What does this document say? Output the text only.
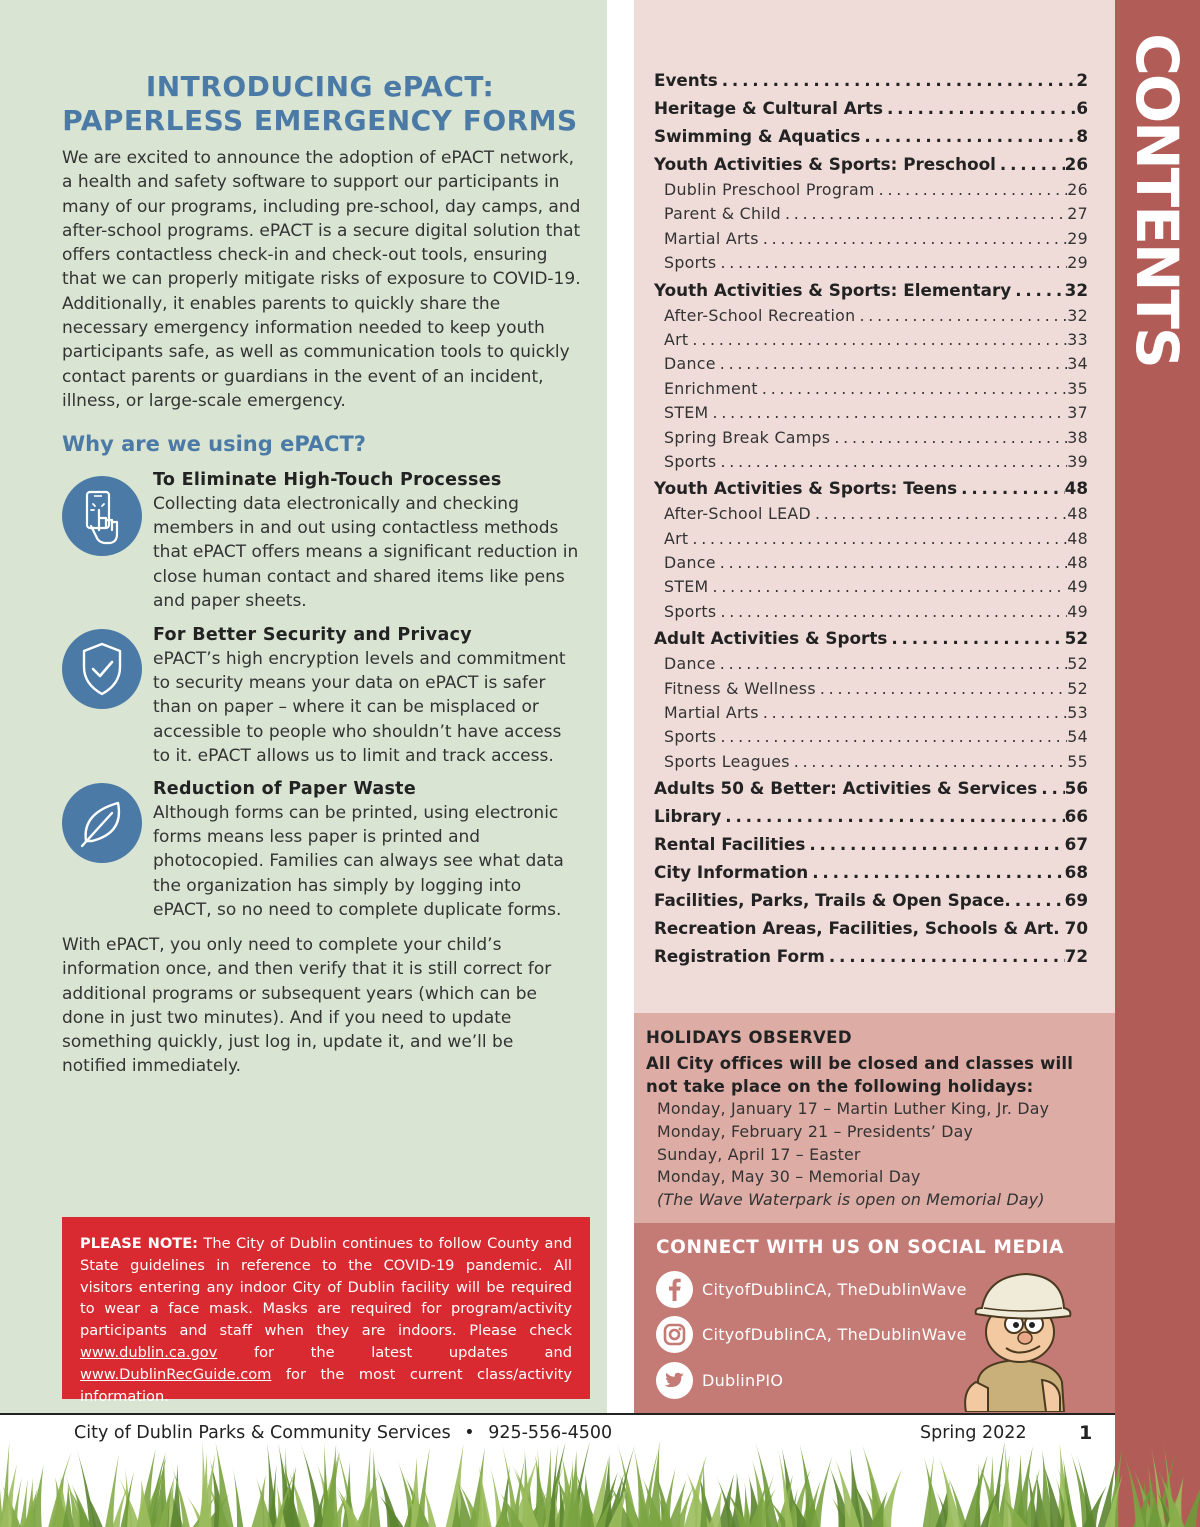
INTRODUCING ePACT:
PAPERLESS EMERGENCY FORMS

We are excited to announce the adoption of ePACT network, a health and safety software to support our participants in many of our programs, including pre-school, day camps, and after-school programs. ePACT is a secure digital solution that offers contactless check-in and check-out tools, ensuring that we can properly mitigate risks of exposure to COVID-19. Additionally, it enables parents to quickly share the necessary emergency information needed to keep youth participants safe, as well as communication tools to quickly contact parents or guardians in the event of an incident, illness, or large-scale emergency.

Why are we using ePACT?
To Eliminate High-Touch Processes

Collecting data electronically and checking members in and out using contactless methods that ePACT offers means a significant reduction in close human contact and shared items like pens and paper sheets.

For Better Security and Privacy

ePACT’s high encryption levels and commitment to security means your data on ePACT is safer than on paper – where it can be misplaced or accessible to people who shouldn’t have access to it. ePACT allows us to limit and track access.

Reduction of Paper Waste

Although forms can be printed, using electronic forms means less paper is printed and photocopied. Families can always see what data the organization has simply by logging into ePACT, so no need to complete duplicate forms.

With ePACT, you only need to complete your child’s information once, and then verify that it is still correct for additional programs or subsequent years (which can be done in just two minutes). And if you need to update something quickly, just log in, update it, and we’ll be notified immediately.

PLEASE NOTE: The City of Dublin continues to follow County and State guidelines in reference to the COVID-19 pandemic. All visitors entering any indoor City of Dublin facility will be required to wear a face mask. Masks are required for program/activity participants and staff when they are indoors. Please check www.dublin.ca.gov for the latest updates and www.DublinRecGuide.com for the most current class/activity information.
Events .....	2
Heritage & Cultural Arts .....	6
Swimming & Aquatics .....	8
Youth Activities & Sports: Preschool .....	26
Dublin Preschool Program .....	26
Parent & Child .....	27
Martial Arts .....	29
Sports .....	29
Youth Activities & Sports: Elementary .....	32
After-School Recreation .....	32
Art .....	33
Dance .....	34
Enrichment .....	35
STEM .....	37
Spring Break Camps .....	38
Sports .....	39
Youth Activities & Sports: Teens .....	48
After-School LEAD .....	48
Art .....	48
Dance .....	48
STEM .....	49
Sports .....	49
Adult Activities & Sports .....	52
Dance .....	52
Fitness & Wellness .....	52
Martial Arts .....	53
Sports .....	54
Sports Leagues .....	55
Adults 50 & Better: Activities & Services ..... 56
Library .....	66
Rental Facilities .....	67
City Information .....	68
Facilities, Parks, Trails & Open Space. .....	69
Recreation Areas, Facilities, Schools & Art. ..... 70
Registration Form .....	72
HOLIDAYS OBSERVED
All City offices will be closed and classes will not take place on the following holidays:
Monday, January 17 – Martin Luther King, Jr. Day
Monday, February 21 – Presidents’ Day
Sunday, April 17 – Easter
Monday, May 30 – Memorial Day
(The Wave Waterpark is open on Memorial Day)
CONNECT WITH US ON SOCIAL MEDIA
CityofDublinCA, TheDublinWave
CityofDublinCA, TheDublinWave
DublinPIO
CONTENTS
City of Dublin Parks & Community Services • 925-556-4500	Spring 2022	1
